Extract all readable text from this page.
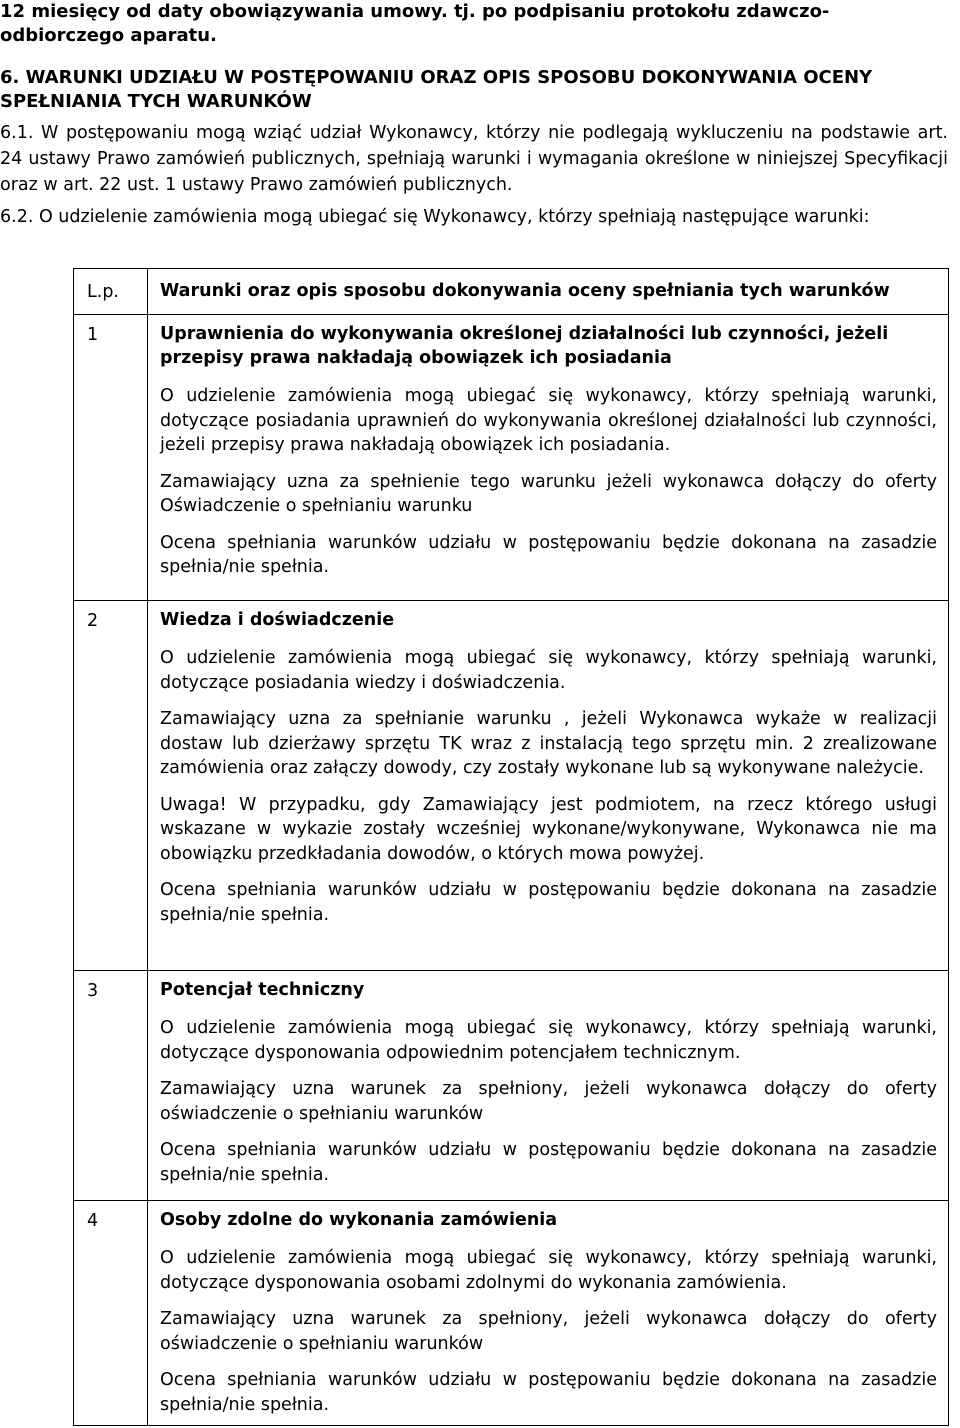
12 miesięcy od daty obowiązywania umowy. tj. po podpisaniu protokołu zdawczo-odbiorczego aparatu.

6. WARUNKI UDZIAŁU W POSTĘPOWANIU ORAZ OPIS SPOSOBU DOKONYWANIA OCENY SPEŁNIANIA TYCH WARUNKÓW

6.1. W postępowaniu mogą wziąć udział Wykonawcy, którzy nie podlegają wykluczeniu na podstawie art. 24 ustawy Prawo zamówień publicznych, spełniają warunki i wymagania określone w niniejszej Specyfikacji oraz w art. 22 ust. 1 ustawy Prawo zamówień publicznych.

6.2. O udzielenie zamówienia mogą ubiegać się Wykonawcy, którzy spełniają następujące warunki:

L.p.	Warunki oraz opis sposobu dokonywania oceny spełniania tych warunków

1	Uprawnienia do wykonywania określonej działalności lub czynności, jeżeli przepisy prawa nakładają obowiązek ich posiadania

O udzielenie zamówienia mogą ubiegać się wykonawcy, którzy spełniają warunki, dotyczące posiadania uprawnień do wykonywania określonej działalności lub czynności, jeżeli przepisy prawa nakładają obowiązek ich posiadania.

Zamawiający uzna za spełnienie tego warunku jeżeli wykonawca dołączy do oferty Oświadczenie o spełnianiu warunku

Ocena spełniania warunków udziału w postępowaniu będzie dokonana na zasadzie spełnia/nie spełnia.

2	Wiedza i doświadczenie

O udzielenie zamówienia mogą ubiegać się wykonawcy, którzy spełniają warunki, dotyczące posiadania wiedzy i doświadczenia.

Zamawiający uzna za spełnianie warunku , jeżeli Wykonawca wykaże w realizacji dostaw lub dzierżawy sprzętu TK wraz z instalacją tego sprzętu min. 2 zrealizowane zamówienia oraz załączy dowody, czy zostały wykonane lub są wykonywane należycie.

Uwaga! W przypadku, gdy Zamawiający jest podmiotem, na rzecz którego usługi wskazane w wykazie zostały wcześniej wykonane/wykonywane, Wykonawca nie ma obowiązku przedkładania dowodów, o których mowa powyżej.

Ocena spełniania warunków udziału w postępowaniu będzie dokonana na zasadzie spełnia/nie spełnia.

3	Potencjał techniczny

O udzielenie zamówienia mogą ubiegać się wykonawcy, którzy spełniają warunki, dotyczące dysponowania odpowiednim potencjałem technicznym.

Zamawiający uzna warunek za spełniony, jeżeli wykonawca dołączy do oferty oświadczenie o spełnianiu warunków

Ocena spełniania warunków udziału w postępowaniu będzie dokonana na zasadzie spełnia/nie spełnia.

4	Osoby zdolne do wykonania zamówienia

O udzielenie zamówienia mogą ubiegać się wykonawcy, którzy spełniają warunki, dotyczące dysponowania osobami zdolnymi do wykonania zamówienia.

Zamawiający uzna warunek za spełniony, jeżeli wykonawca dołączy do oferty oświadczenie o spełnianiu warunków

Ocena spełniania warunków udziału w postępowaniu będzie dokonana na zasadzie spełnia/nie spełnia.
